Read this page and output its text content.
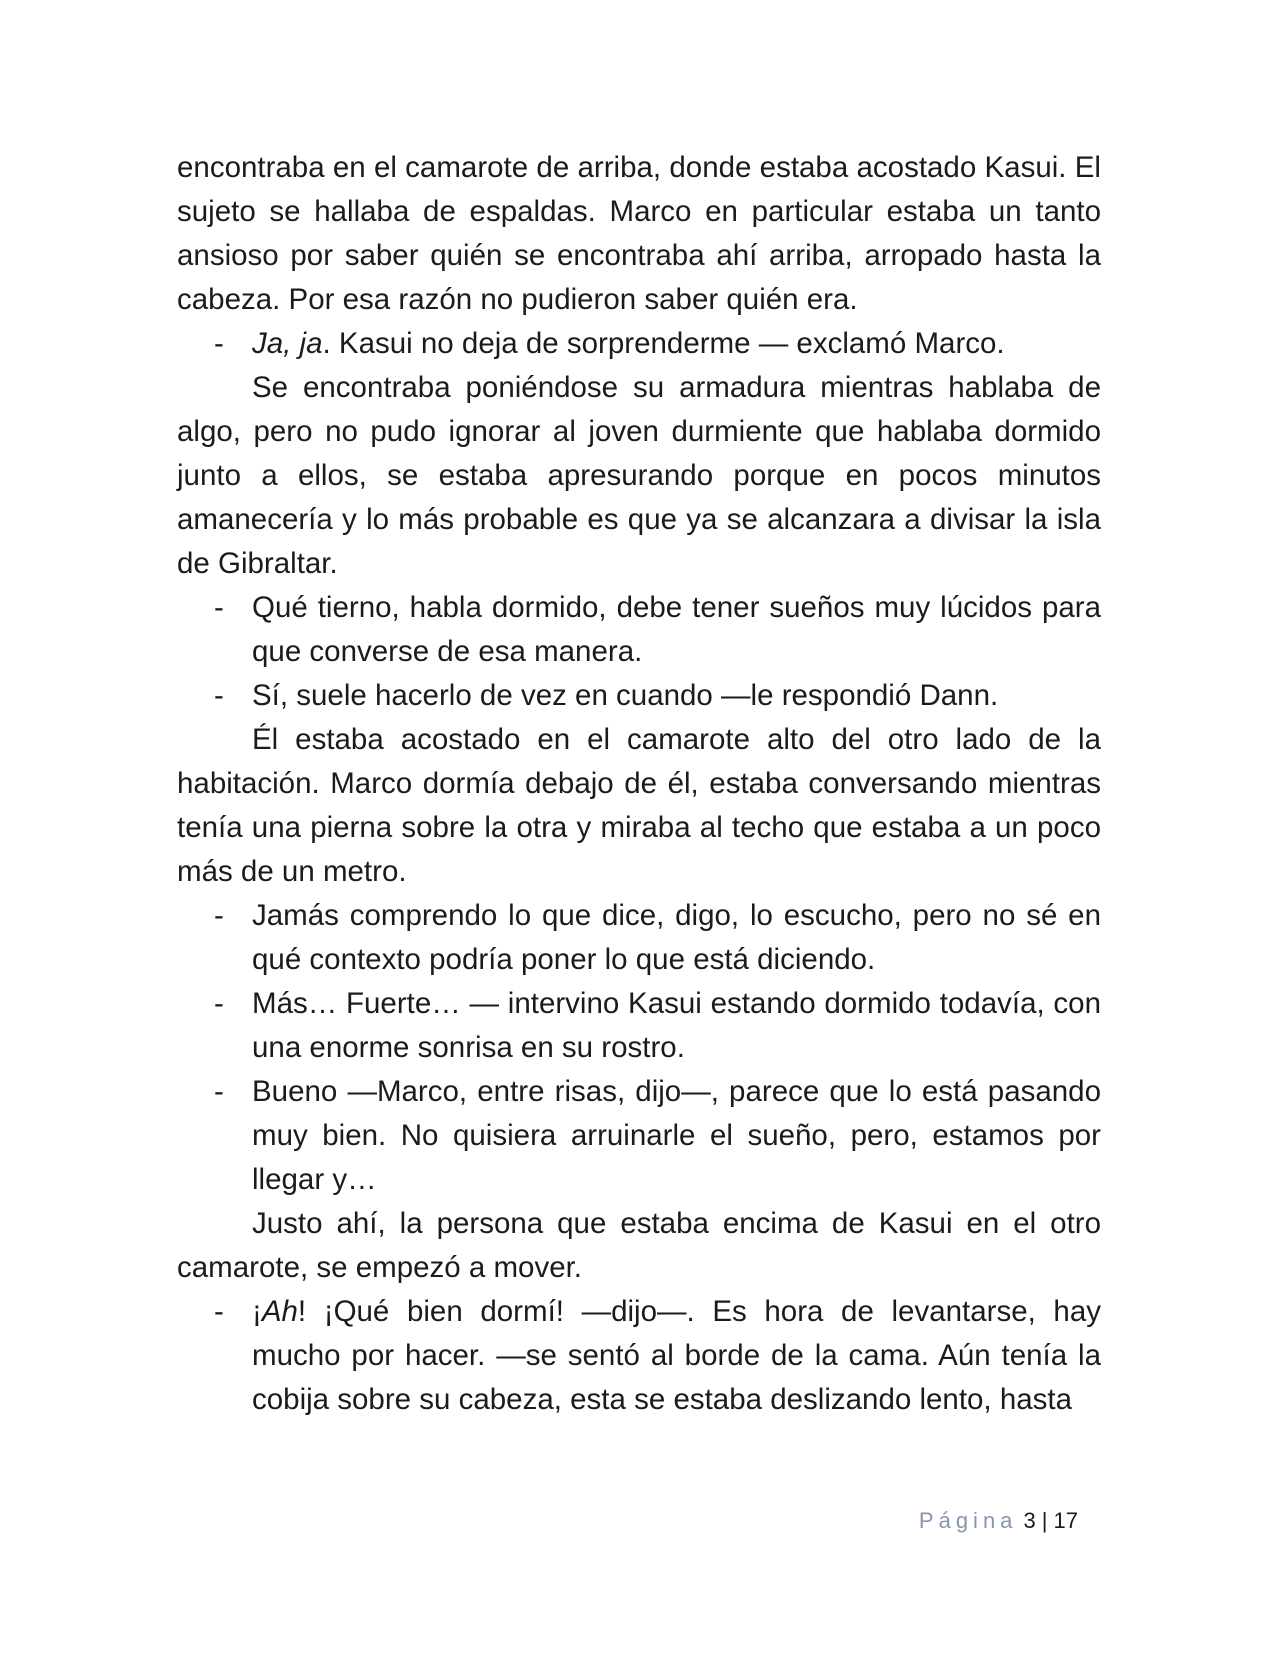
encontraba en el camarote de arriba, donde estaba acostado Kasui. El sujeto se hallaba de espaldas. Marco en particular estaba un tanto ansioso por saber quién se encontraba ahí arriba, arropado hasta la cabeza. Por esa razón no pudieron saber quién era.

- Ja, ja. Kasui no deja de sorprenderme — exclamó Marco.

Se encontraba poniéndose su armadura mientras hablaba de algo, pero no pudo ignorar al joven durmiente que hablaba dormido junto a ellos, se estaba apresurando porque en pocos minutos amanecería y lo más probable es que ya se alcanzara a divisar la isla de Gibraltar.

- Qué tierno, habla dormido, debe tener sueños muy lúcidos para que converse de esa manera.

- Sí, suele hacerlo de vez en cuando —le respondió Dann.

Él estaba acostado en el camarote alto del otro lado de la habitación. Marco dormía debajo de él, estaba conversando mientras tenía una pierna sobre la otra y miraba al techo que estaba a un poco más de un metro.

- Jamás comprendo lo que dice, digo, lo escucho, pero no sé en qué contexto podría poner lo que está diciendo.

- Más… Fuerte… — intervino Kasui estando dormido todavía, con una enorme sonrisa en su rostro.

- Bueno —Marco, entre risas, dijo—, parece que lo está pasando muy bien. No quisiera arruinarle el sueño, pero, estamos por llegar y…

Justo ahí, la persona que estaba encima de Kasui en el otro camarote, se empezó a mover.

- ¡Ah! ¡Qué bien dormí! —dijo—. Es hora de levantarse, hay mucho por hacer. —se sentó al borde de la cama. Aún tenía la cobija sobre su cabeza, esta se estaba deslizando lento, hasta

Página 3 | 17
